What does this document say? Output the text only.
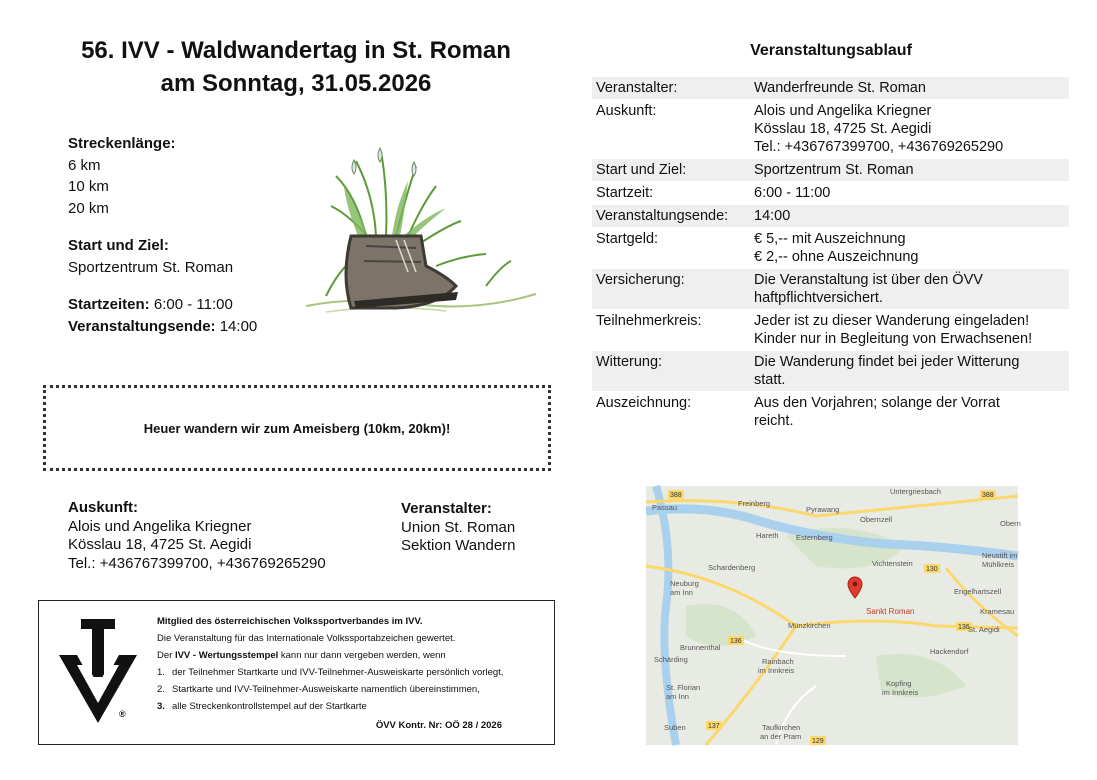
56. IVV - Waldwandertag in St. Roman
am Sonntag, 31.05.2026
Streckenlänge:
6 km
10 km
20 km
Start und Ziel:
Sportzentrum St. Roman
Startzeiten: 6:00 - 11:00
Veranstaltungsende: 14:00
Heuer wandern wir zum Ameisberg (10km, 20km)!
Auskunft:
Alois und Angelika Kriegner
Kösslau 18, 4725 St. Aegidi
Tel.: +436767399700, +436769265290
Veranstalter:
Union St. Roman
Sektion Wandern
®
Mitglied des österreichischen Volkssportverbandes im IVV.
Die Veranstaltung für das Internationale Volkssportabzeichen gewertet.
Der IVV - Wertungsstempel kann nur dann vergeben werden, wenn
1. der Teilnehmer Startkarte und IVV-Teilnehmer-Ausweiskarte persönlich vorlegt,
2. Startkarte und IVV-Teilnehmer-Ausweiskarte namentlich übereinstimmen,
3. alle Streckenkontrollstempel auf der Startkarte
ÖVV Kontr. Nr: OÖ 28 / 2026
Veranstaltungsablauf
Veranstalter:	Wanderfreunde St. Roman

Auskunft:	Alois und Angelika Kriegner
Kösslau 18, 4725 St. Aegidi
Tel.: +436767399700, +436769265290

Start und Ziel:	Sportzentrum St. Roman

Startzeit:	6:00 - 11:00

Veranstaltungsende:	14:00

Startgeld:	€ 5,-- mit Auszeichnung
€ 2,-- ohne Auszeichnung

Versicherung:	Die Veranstaltung ist über den ÖVV
haftpflichtversichert.

Teilnehmerkreis:	Jeder ist zu dieser Wanderung eingeladen!
Kinder nur in Begleitung von Erwachsenen!

Witterung:	Die Wanderung findet bei jeder Witterung
statt.

Auszeichnung:	Aus den Vorjahren; solange der Vorrat
reicht.
388	388
130
136
136
137
129
Passau	Freinberg
Pyrawang
Untergriesbach
Obernzell
Hareth Esternberg
Schardenberg	Vichtenstein
Neustift im
Mühlkreis
Obern
Engelhartszell
Kramesau
Neuburg
am Inn
Münzkirchen	St. Aegidi
Hackendorf
Brunnenthal
Schärding	Rainbach
im Innkreis
St. Florian
am Inn
Kopfing
im Innkreis
Suben	Taufkirchen
an der Pram
Sankt Roman
